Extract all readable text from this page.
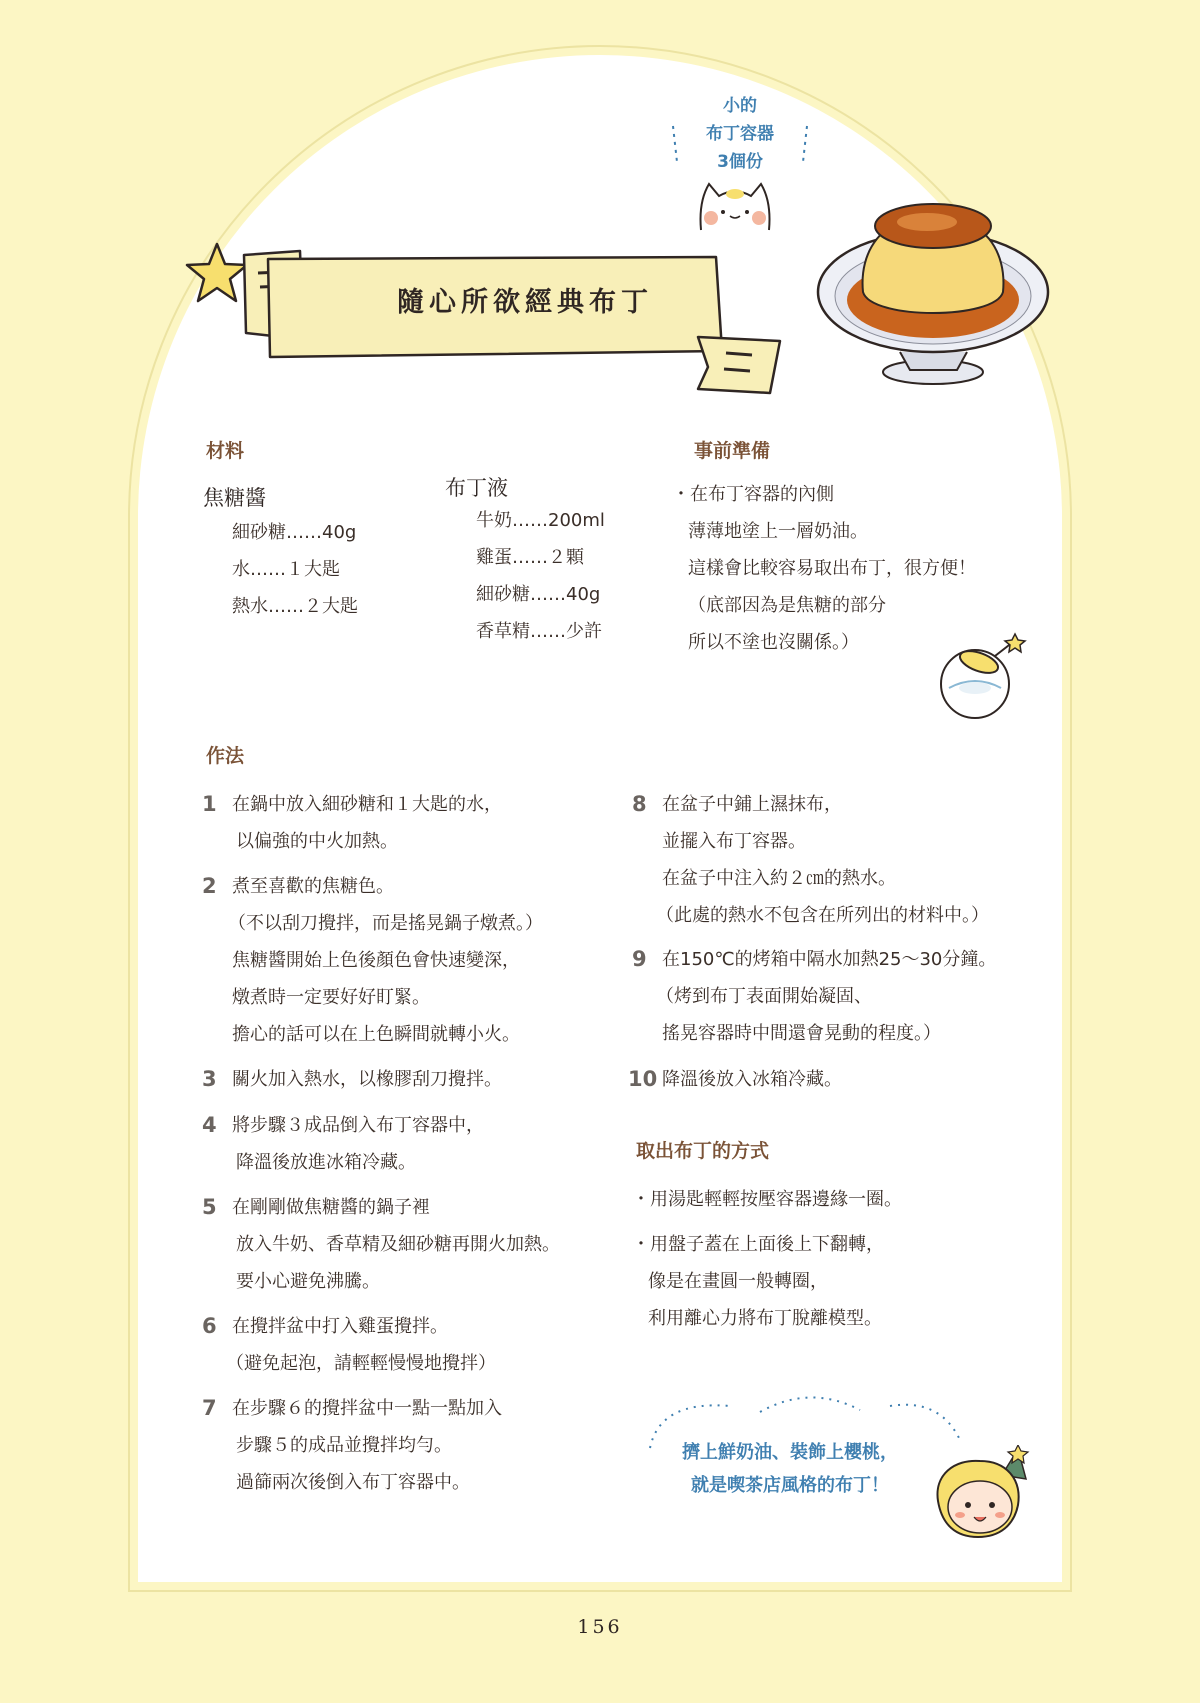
小的
布丁容器
3個份
隨心所欲經典布丁
材料
焦糖醬
細砂糖……40g
水……１大匙
熱水……２大匙
布丁液
牛奶……200ml
雞蛋……２顆
細砂糖……40g
香草精……少許
事前準備
・在布丁容器的內側
薄薄地塗上一層奶油。
這樣會比較容易取出布丁，很方便！
（底部因為是焦糖的部分
所以不塗也沒關係。）
作法
1 在鍋中放入細砂糖和１大匙的水，
以偏強的中火加熱。
2 煮至喜歡的焦糖色。
（不以刮刀攪拌，而是搖晃鍋子燉煮。）
焦糖醬開始上色後顏色會快速變深，
燉煮時一定要好好盯緊。
擔心的話可以在上色瞬間就轉小火。
3 關火加入熱水，以橡膠刮刀攪拌。
4 將步驟３成品倒入布丁容器中，
降溫後放進冰箱冷藏。
5 在剛剛做焦糖醬的鍋子裡
放入牛奶、香草精及細砂糖再開火加熱。
要小心避免沸騰。
6 在攪拌盆中打入雞蛋攪拌。
（避免起泡，請輕輕慢慢地攪拌）
7 在步驟６的攪拌盆中一點一點加入
步驟５的成品並攪拌均勻。
過篩兩次後倒入布丁容器中。
8 在盆子中鋪上濕抹布，
並擺入布丁容器。
在盆子中注入約２㎝的熱水。
（此處的熱水不包含在所列出的材料中。）
9 在150℃的烤箱中隔水加熱25～30分鐘。
（烤到布丁表面開始凝固、
搖晃容器時中間還會晃動的程度。）
10 降溫後放入冰箱冷藏。
取出布丁的方式
・用湯匙輕輕按壓容器邊緣一圈。
・用盤子蓋在上面後上下翻轉，
像是在畫圓一般轉圈，
利用離心力將布丁脫離模型。
擠上鮮奶油、裝飾上櫻桃，
就是喫茶店風格的布丁！
156
